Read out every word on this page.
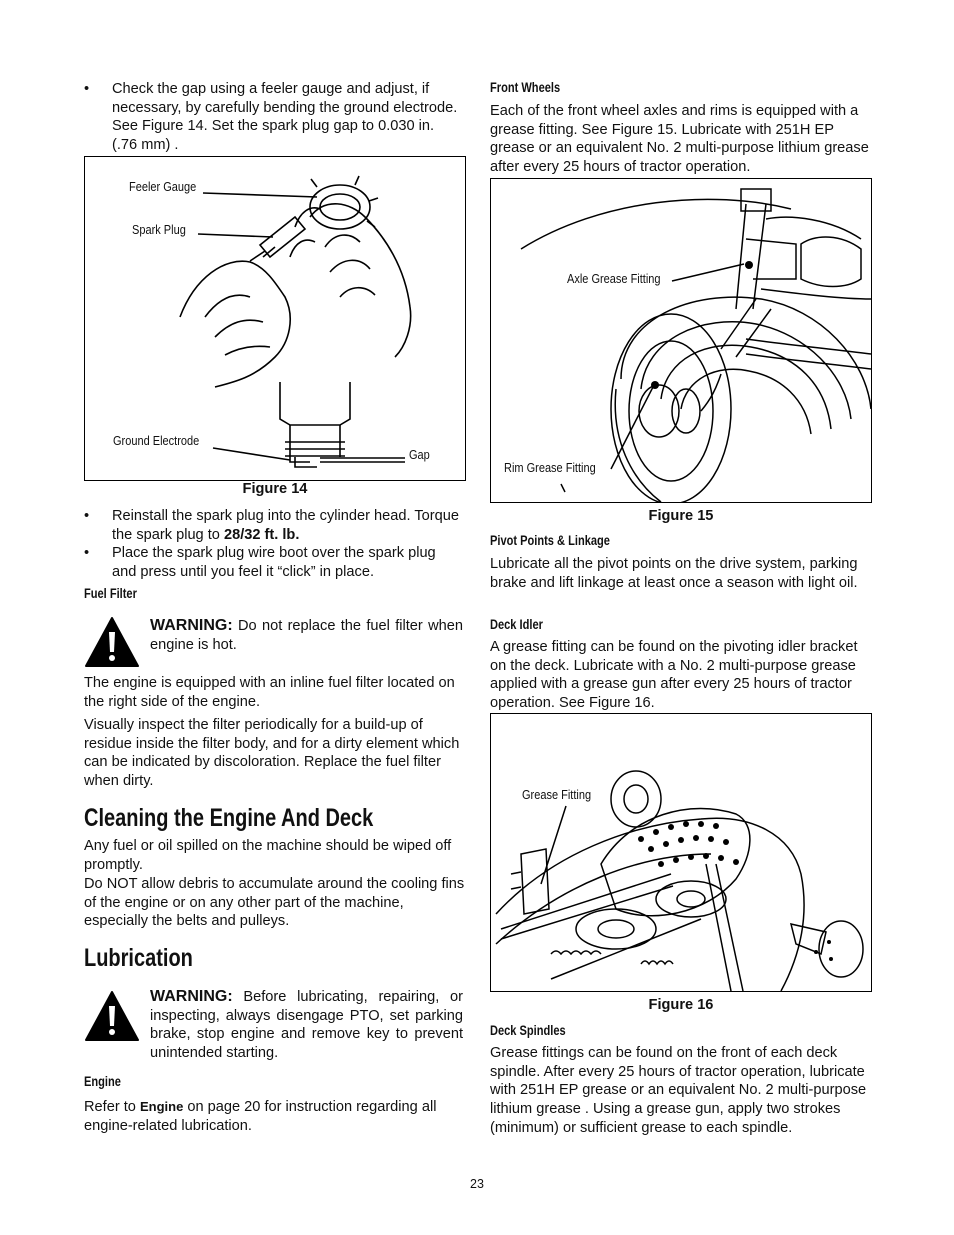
• Check the gap using a feeler gauge and adjust, if necessary, by carefully bending the ground electrode. See Figure 14. Set the spark plug gap to 0.030 in. (.76 mm) .
Feeler Gauge
Spark Plug
Ground Electrode
Gap
Figure 14
• Reinstall the spark plug into the cylinder head. Torque the spark plug to 28/32 ft. lb.
• Place the spark plug wire boot over the spark plug and press until you feel it “click” in place.
Fuel Filter
WARNING: Do not replace the fuel filter when engine is hot.

The engine is equipped with an inline fuel filter located on the right side of the engine.

Visually inspect the filter periodically for a build-up of residue inside the filter body, and for a dirty element which can be indicated by discoloration. Replace the fuel filter when dirty.

Cleaning the Engine And Deck

Any fuel or oil spilled on the machine should be wiped off promptly.

Do NOT allow debris to accumulate around the cooling fins of the engine or on any other part of the machine, especially the belts and pulleys.

Lubrication
WARNING: Before lubricating, repairing, or inspecting, always disengage PTO, set parking brake, stop engine and remove key to prevent unintended starting.
Engine

Refer to Engine on page 20 for instruction regarding all engine-related lubrication.

Front Wheels

Each of the front wheel axles and rims is equipped with a grease fitting. See Figure 15. Lubricate with 251H EP grease or an equivalent No. 2 multi-purpose lithium grease after every 25 hours of tractor operation.

Axle Grease Fitting
Rim Grease Fitting
Figure 15
Pivot Points & Linkage

Lubricate all the pivot points on the drive system, parking brake and lift linkage at least once a season with light oil.

Deck Idler

A grease fitting can be found on the pivoting idler bracket on the deck. Lubricate with a No. 2 multi-purpose grease applied with a grease gun after every 25 hours of tractor operation. See Figure 16.

Grease Fitting
Figure 16
Deck Spindles

Grease fittings can be found on the front of each deck spindle. After every 25 hours of tractor operation, lubricate with 251H EP grease or an equivalent No. 2 multi-purpose lithium grease . Using a grease gun, apply two strokes (minimum) or sufficient grease to each spindle.

23
